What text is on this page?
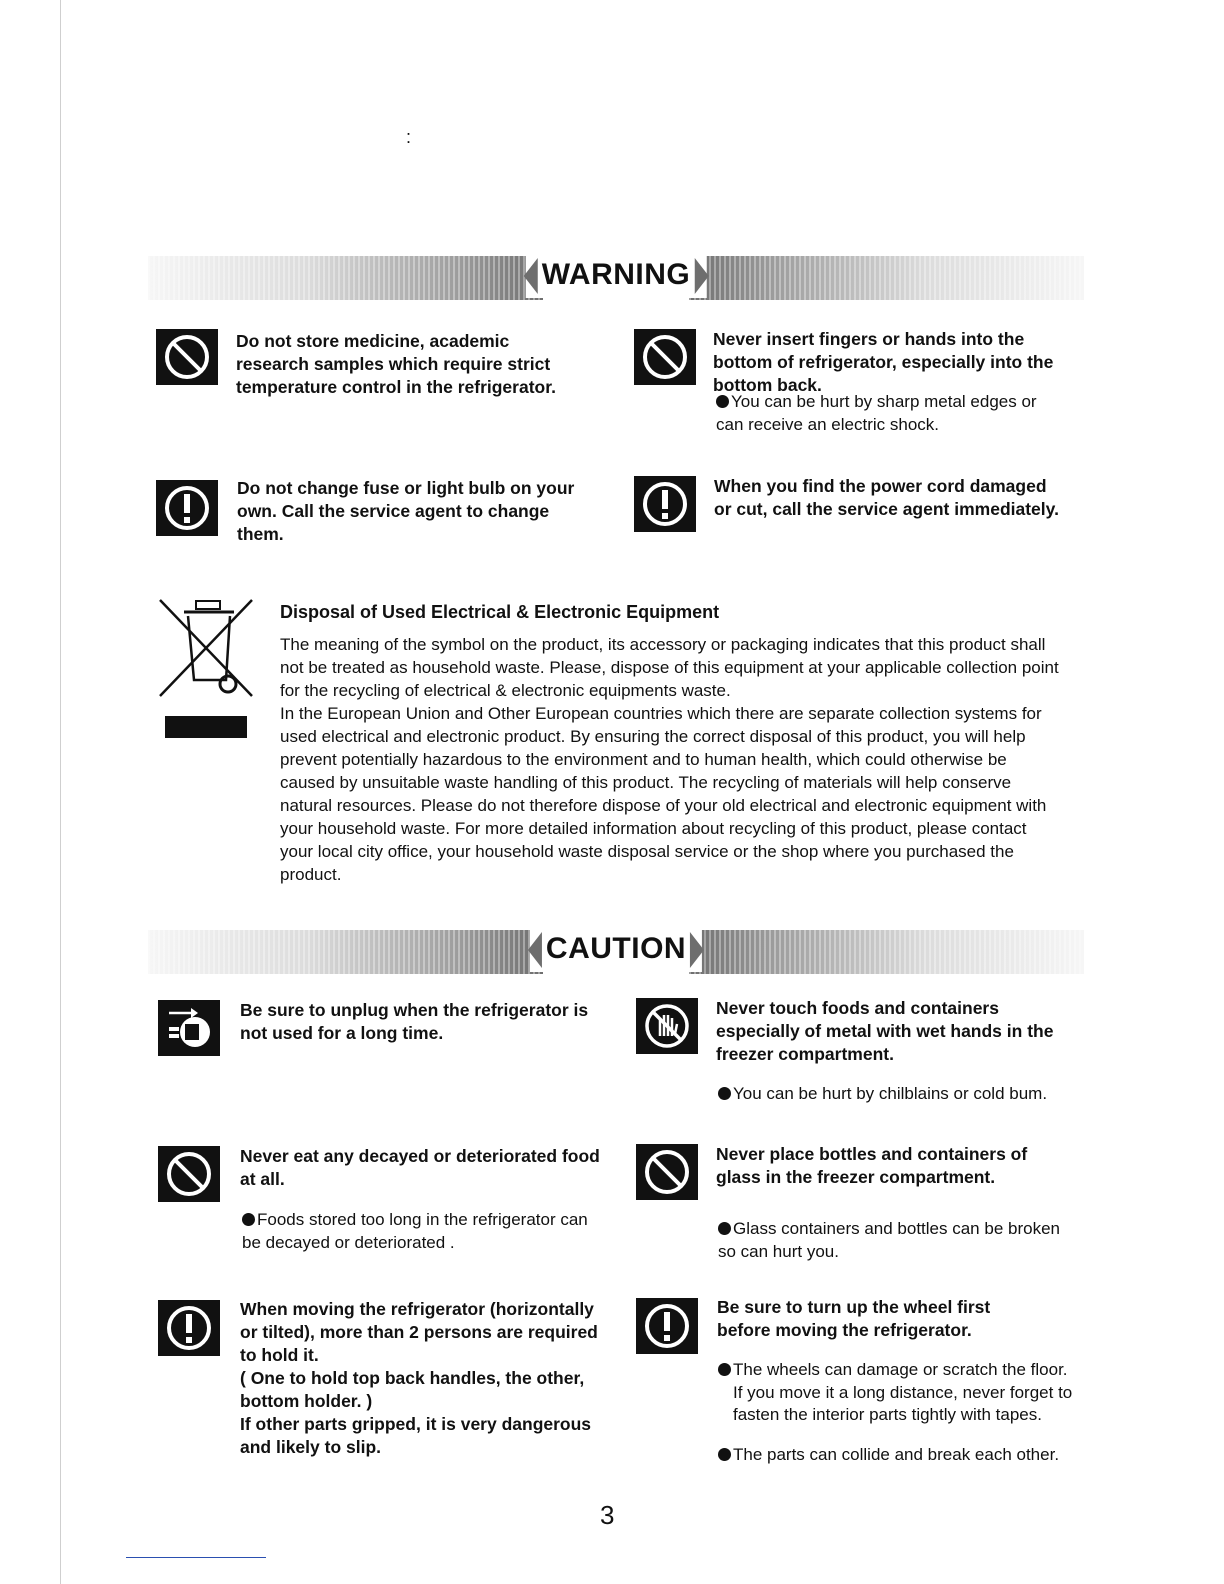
:
WARNING
Do not store medicine, academic research samples which require strict temperature control in the refrigerator.
Never insert fingers or hands into the bottom of refrigerator, especially into the bottom back.
You can be hurt by sharp metal edges or can receive an electric shock.
Do not change fuse or light bulb on your own. Call the service agent to change them.
When you find the power cord damaged or cut, call the service agent immediately.
Disposal of Used Electrical & Electronic Equipment
The meaning of the symbol on the product, its accessory or packaging indicates that this product shall not be treated as household waste. Please, dispose of this equipment at your applicable collection point for the recycling of electrical & electronic equipments waste.
In the European Union and Other European countries which there are separate collection systems for used electrical and electronic product. By ensuring the correct disposal of this product, you will help prevent potentially hazardous to the environment and to human health, which could otherwise be caused by unsuitable waste handling of this product. The recycling of materials will help conserve natural resources. Please do not therefore dispose of your old electrical and electronic equipment with your household waste. For more detailed information about recycling of this product, please contact your local city office, your household waste disposal service or the shop where you purchased the product.
CAUTION
Be sure to unplug when the refrigerator is not used for a long time.
Never touch foods and containers especially of metal with wet hands in the freezer compartment.
You can be hurt by chilblains or cold bum.
Never eat any decayed or deteriorated food at all.
Foods stored too long in the refrigerator can be decayed or deteriorated .
Never place bottles and containers of glass in the freezer compartment.
Glass containers and bottles can be broken so can hurt you.
When moving the refrigerator (horizontally or tilted), more than 2 persons are required to hold it.
( One to hold top back handles, the other, bottom holder. )
If other parts gripped, it is very dangerous and likely to slip.
Be sure to turn up the wheel first before moving the refrigerator.
The wheels can damage or scratch the floor.
If you move it a long distance, never forget to fasten the interior parts tightly with tapes.
The parts can collide and break each other.
3
